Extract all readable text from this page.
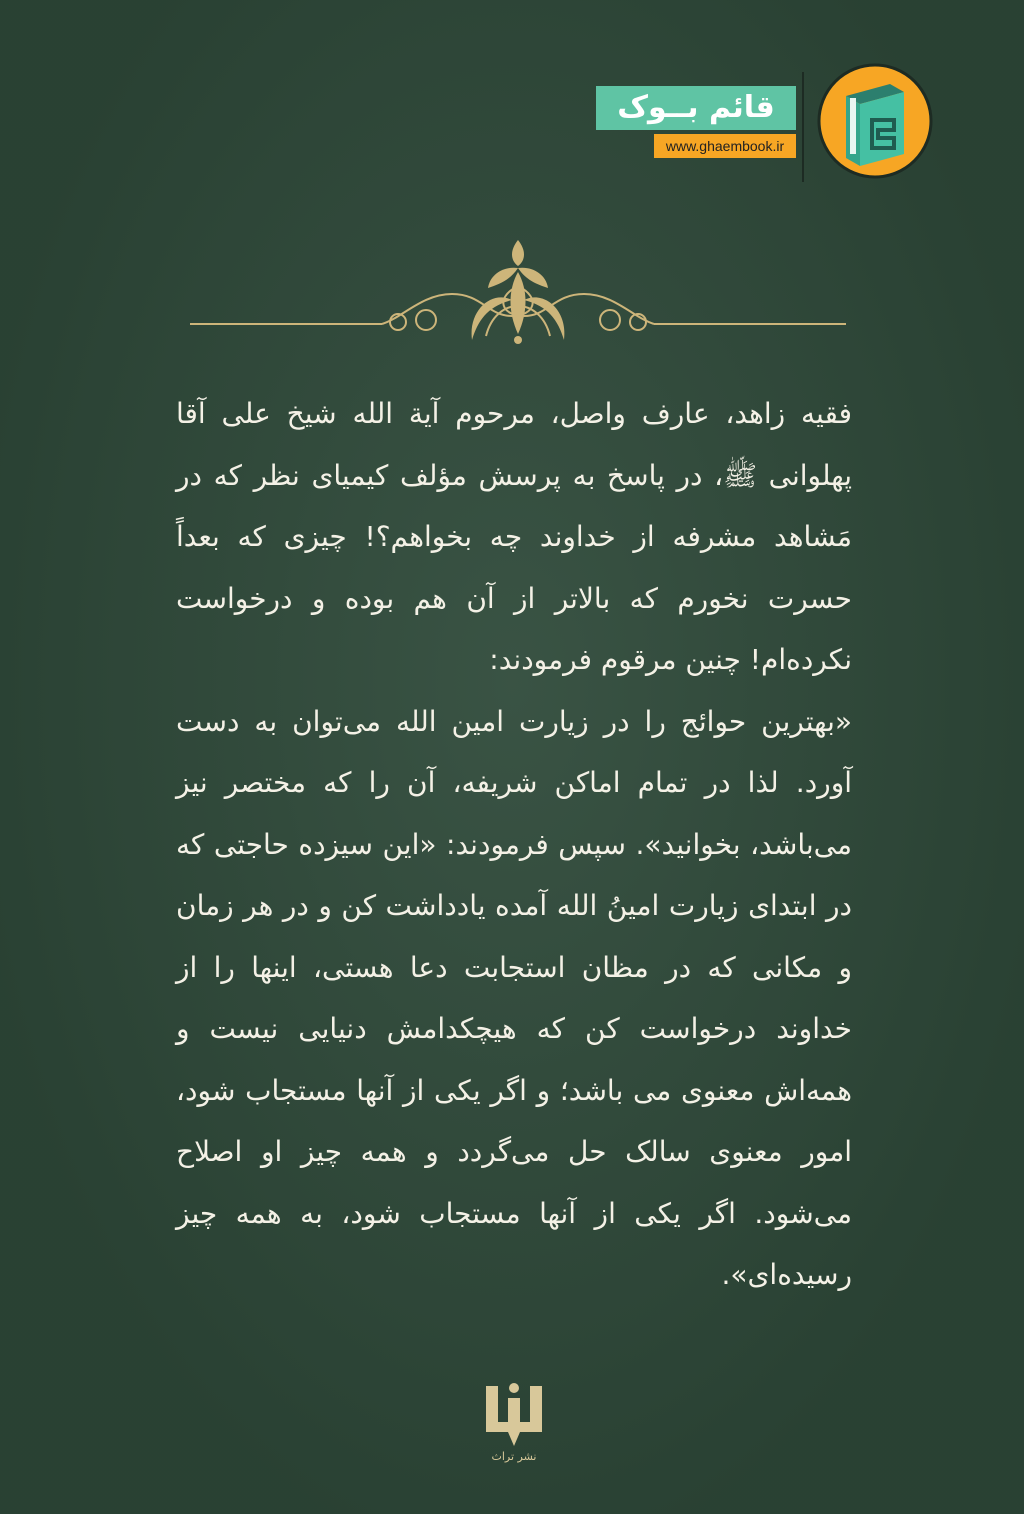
قائم بــوک
www.ghaembook.ir

فقیه زاهد، عارف واصل، مرحوم آیة الله شیخ علی آقا پهلوانی ﷺ، در پاسخ به پرسش مؤلف کیمیای نظر که در مَشاهد مشرفه از خداوند چه بخواهم؟! چیزی که بعداً حسرت نخورم که بالاتر از آن هم بوده و درخواست نکرده‌ام! چنین مرقوم فرمودند:

«بهترین حوائج را در زیارت امین الله می‌توان به دست آورد. لذا در تمام اماکن شریفه، آن را که مختصر نیز می‌باشد، بخوانید». سپس فرمودند: «این سیزده حاجتی که در ابتدای زیارت امینُ الله آمده یادداشت کن و در هر زمان و مکانی که در مظان استجابت دعا هستی، اینها را از خداوند درخواست کن که هیچکدامش دنیایی نیست و همه‌اش معنوی می باشد؛ و اگر یکی از آنها مستجاب شود، امور معنوی سالک حل می‌گردد و همه چیز او اصلاح می‌شود. اگر یکی از آنها مستجاب شود، به همه چیز رسیده‌ای».

نشر تراث
